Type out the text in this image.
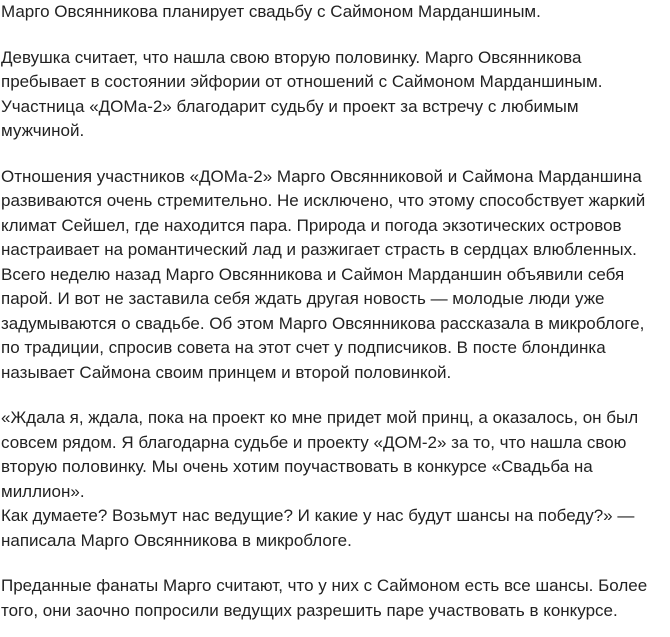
Марго Овсянникова планирует свадьбу с Саймоном Марданшиным.
Девушка считает, что нашла свою вторую половинку. Марго Овсянникова
пребывает в состоянии эйфории от отношений с Саймоном Марданшиным.
Участница «ДОМа-2» благодарит судьбу и проект за встречу с любимым
мужчиной.
Отношения участников «ДОМа-2» Марго Овсянниковой и Саймона Марданшина
развиваются очень стремительно. Не исключено, что этому способствует жаркий
климат Сейшел, где находится пара. Природа и погода экзотических островов
настраивает на романтический лад и разжигает страсть в сердцах влюбленных.
Всего неделю назад Марго Овсянникова и Саймон Марданшин объявили себя
парой. И вот не заставила себя ждать другая новость — молодые люди уже
задумываются о свадьбе. Об этом Марго Овсянникова рассказала в микроблоге,
по традиции, спросив совета на этот счет у подписчиков. В посте блондинка
называет Саймона своим принцем и второй половинкой.
«Ждала я, ждала, пока на проект ко мне придет мой принц, а оказалось, он был
совсем рядом. Я благодарна судьбе и проекту «ДОМ-2» за то, что нашла свою
вторую половинку. Мы очень хотим поучаствовать в конкурсе «Свадьба на
миллион».
Как думаете? Возьмут нас ведущие? И какие у нас будут шансы на победу?» —
написала Марго Овсянникова в микроблоге.
Преданные фанаты Марго считают, что у них с Саймоном есть все шансы. Более
того, они заочно попросили ведущих разрешить паре участвовать в конкурсе.
